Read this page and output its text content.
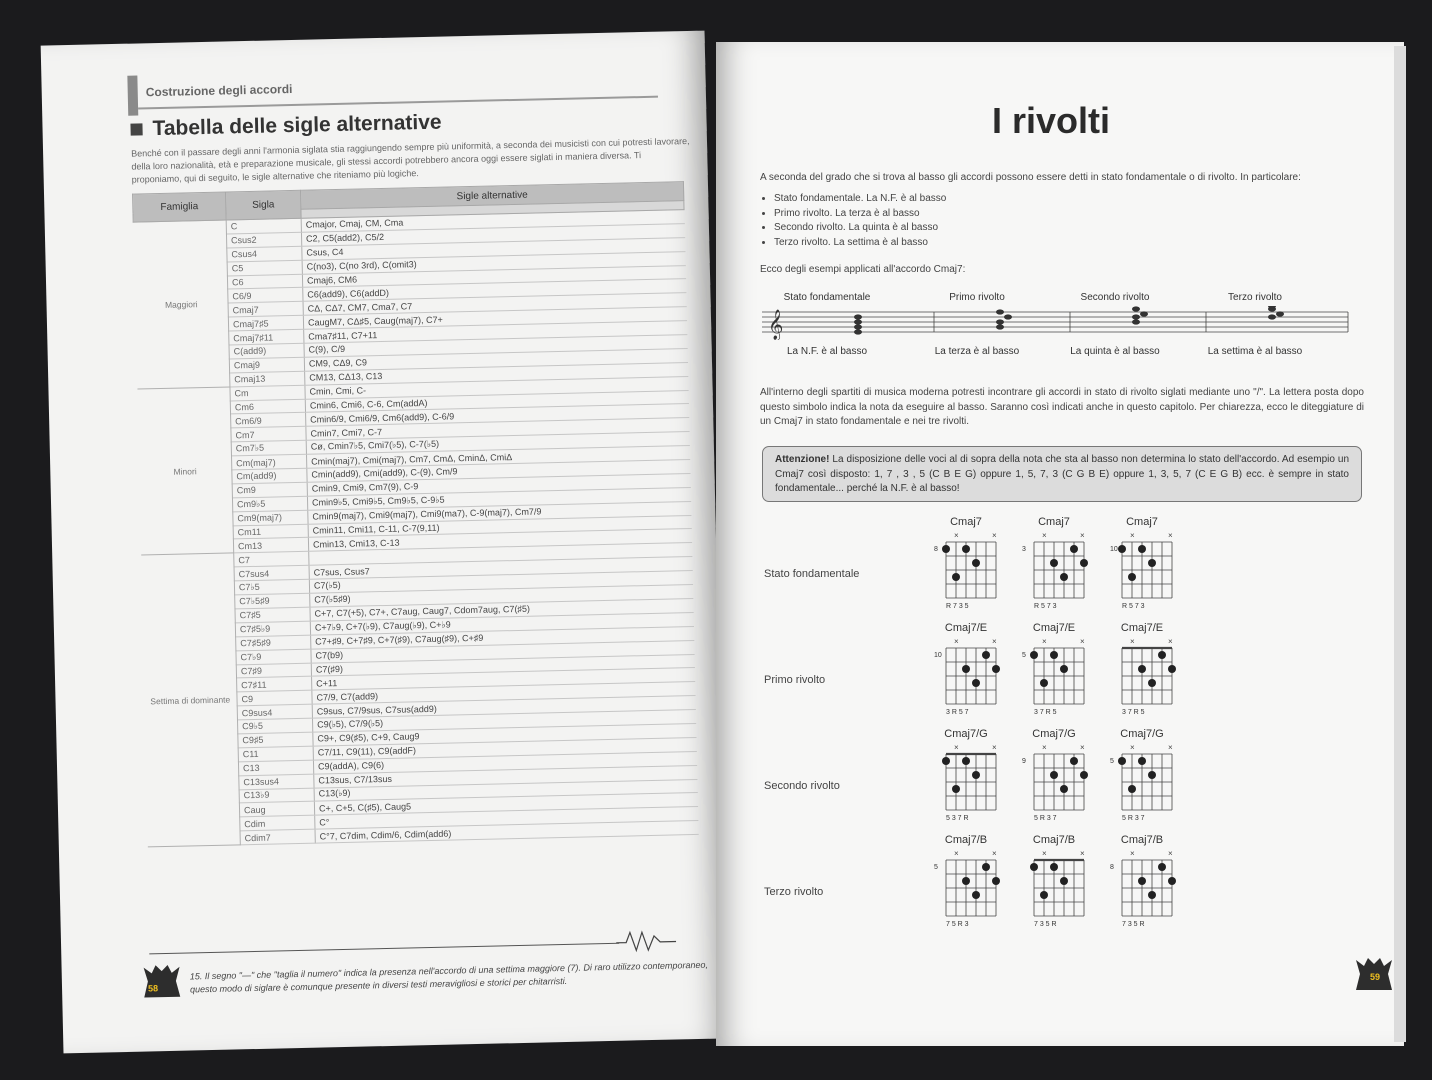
Costruzione degli accordi
Tabella delle sigle alternative
Benché con il passare degli anni l'armonia siglata stia raggiungendo sempre più uniformità, a seconda dei musicisti con cui potresti lavorare, della loro nazionalità, età e preparazione musicale, gli stessi accordi potrebbero ancora oggi essere siglati in maniera diversa. Ti proponiamo, qui di seguito, le sigle alternative che riteniamo più logiche.
Famiglia	Sigla	Sigle alternative

Maggiori	C	Cmajor, Cmaj, CM, Cma
	Csus2	C2, C5(add2), C5/2
	Csus4	Csus, C4
	C5	C(no3), C(no 3rd), C(omit3)
	C6	Cmaj6, CM6
	C6/9	C6(add9), C6(addD)
	Cmaj7	CΔ, CΔ7, CM7, Cma7, C7
	Cmaj7♯5	CaugM7, CΔ♯5, Caug(maj7), C7+
	Cmaj7♯11	Cma7♯11, C7+11
	C(add9)	C(9), C/9
	Cmaj9	CM9, CΔ9, C9
	Cmaj13	CM13, CΔ13, C13
Minori	Cm	Cmin, Cmi, C-
	Cm6	Cmin6, Cmi6, C-6, Cm(addA)
	Cm6/9	Cmin6/9, Cmi6/9, Cm6(add9), C-6/9
	Cm7	Cmin7, Cmi7, C-7
	Cm7♭5	Cø, Cmin7♭5, Cmi7(♭5), C-7(♭5)
	Cm(maj7)	Cmin(maj7), Cmi(maj7), Cm7, CmΔ, CminΔ, CmiΔ
	Cm(add9)	Cmin(add9), Cmi(add9), C-(9), Cm/9
	Cm9	Cmin9, Cmi9, Cm7(9), C-9
	Cm9♭5	Cmin9♭5, Cmi9♭5, Cm9♭5, C-9♭5
	Cm9(maj7)	Cmin9(maj7), Cmi9(maj7), Cmi9(ma7), C-9(maj7), Cm7/9
	Cm11	Cmin11, Cmi11, C-11, C-7(9,11)
	Cm13	Cmin13, Cmi13, C-13
Settima di dominante	C7	
	C7sus4	C7sus, Csus7
	C7♭5	C7(♭5)
	C7♭5♯9	C7(♭5♯9)
	C7♯5	C+7, C7(+5), C7+, C7aug, Caug7, Cdom7aug, C7(♯5)
	C7♯5♭9	C+7♭9, C+7(♭9), C7aug(♭9), C+♭9
	C7♯5♯9	C7+♯9, C+7♯9, C+7(♯9), C7aug(♯9), C+♯9
	C7♭9	C7(b9)
	C7♯9	C7(♯9)
	C7♯11	C+11
	C9	C7/9, C7(add9)
	C9sus4	C9sus, C7/9sus, C7sus(add9)
	C9♭5	C9(♭5), C7/9(♭5)
	C9♯5	C9+, C9(♯5), C+9, Caug9
	C11	C7/11, C9(11), C9(addF)
	C13	C9(addA), C9(6)
	C13sus4	C13sus, C7/13sus
	C13♭9	C13(♭9)
	Caug	C+, C+5, C(♯5), Caug5
	Cdim	C°
	Cdim7	C°7, C7dim, Cdim/6, Cdim(add6)
58
15. Il segno "—" che "taglia il numero" indica la presenza nell'accordo di una settima maggiore (7). Di raro utilizzo contemporaneo, questo modo di siglare è comunque presente in diversi testi meravigliosi e storici per chitarristi.
I rivolti
A seconda del grado che si trova al basso gli accordi possono essere detti in stato fondamentale o di rivolto. In particolare:
• Stato fondamentale. La N.F. è al basso
• Primo rivolto. La terza è al basso
• Secondo rivolto. La quinta è al basso
• Terzo rivolto. La settima è al basso
Ecco degli esempi applicati all'accordo Cmaj7:
Stato fondamentale	Primo rivolto	Secondo rivolto	Terzo rivolto
𝄞
La N.F. è al basso	La terza è al basso	La quinta è al basso	La settima è al basso
All'interno degli spartiti di musica moderna potresti incontrare gli accordi in stato di rivolto siglati mediante uno "/". La lettera posta dopo questo simbolo indica la nota da eseguire al basso. Saranno così indicati anche in questo capitolo. Per chiarezza, ecco le diteggiature di un Cmaj7 in stato fondamentale e nei tre rivolti.
Attenzione! La disposizione delle voci al di sopra della nota che sta al basso non determina lo stato dell'accordo. Ad esempio un Cmaj7 così disposto: 1, 7 , 3 , 5 (C B E G) oppure 1, 5, 7, 3 (C G B E) oppure 1, 3, 5, 7 (C E G B) ecc. è sempre in stato fondamentale... perché la N.F. è al basso!
Stato fondamentale
Cmaj7
×	×
8
R 7 3 5
Cmaj7
×	×
3
R 5 7 3
Cmaj7
×	×
10
R 5 7 3
Primo rivolto
Cmaj7/E
×	×
10
3 R 5 7
Cmaj7/E
×	×
5
3 7 R 5
Cmaj7/E
×	×
3 7 R 5
Secondo rivolto
Cmaj7/G
×	×
5 3 7 R
Cmaj7/G
×	×
9
5 R 3 7
Cmaj7/G
×	×
5
5 R 3 7
Terzo rivolto
Cmaj7/B
×	×
5
7 5 R 3
Cmaj7/B
×	×
7 3 5 R
Cmaj7/B
×	×
8
7 3 5 R
59
